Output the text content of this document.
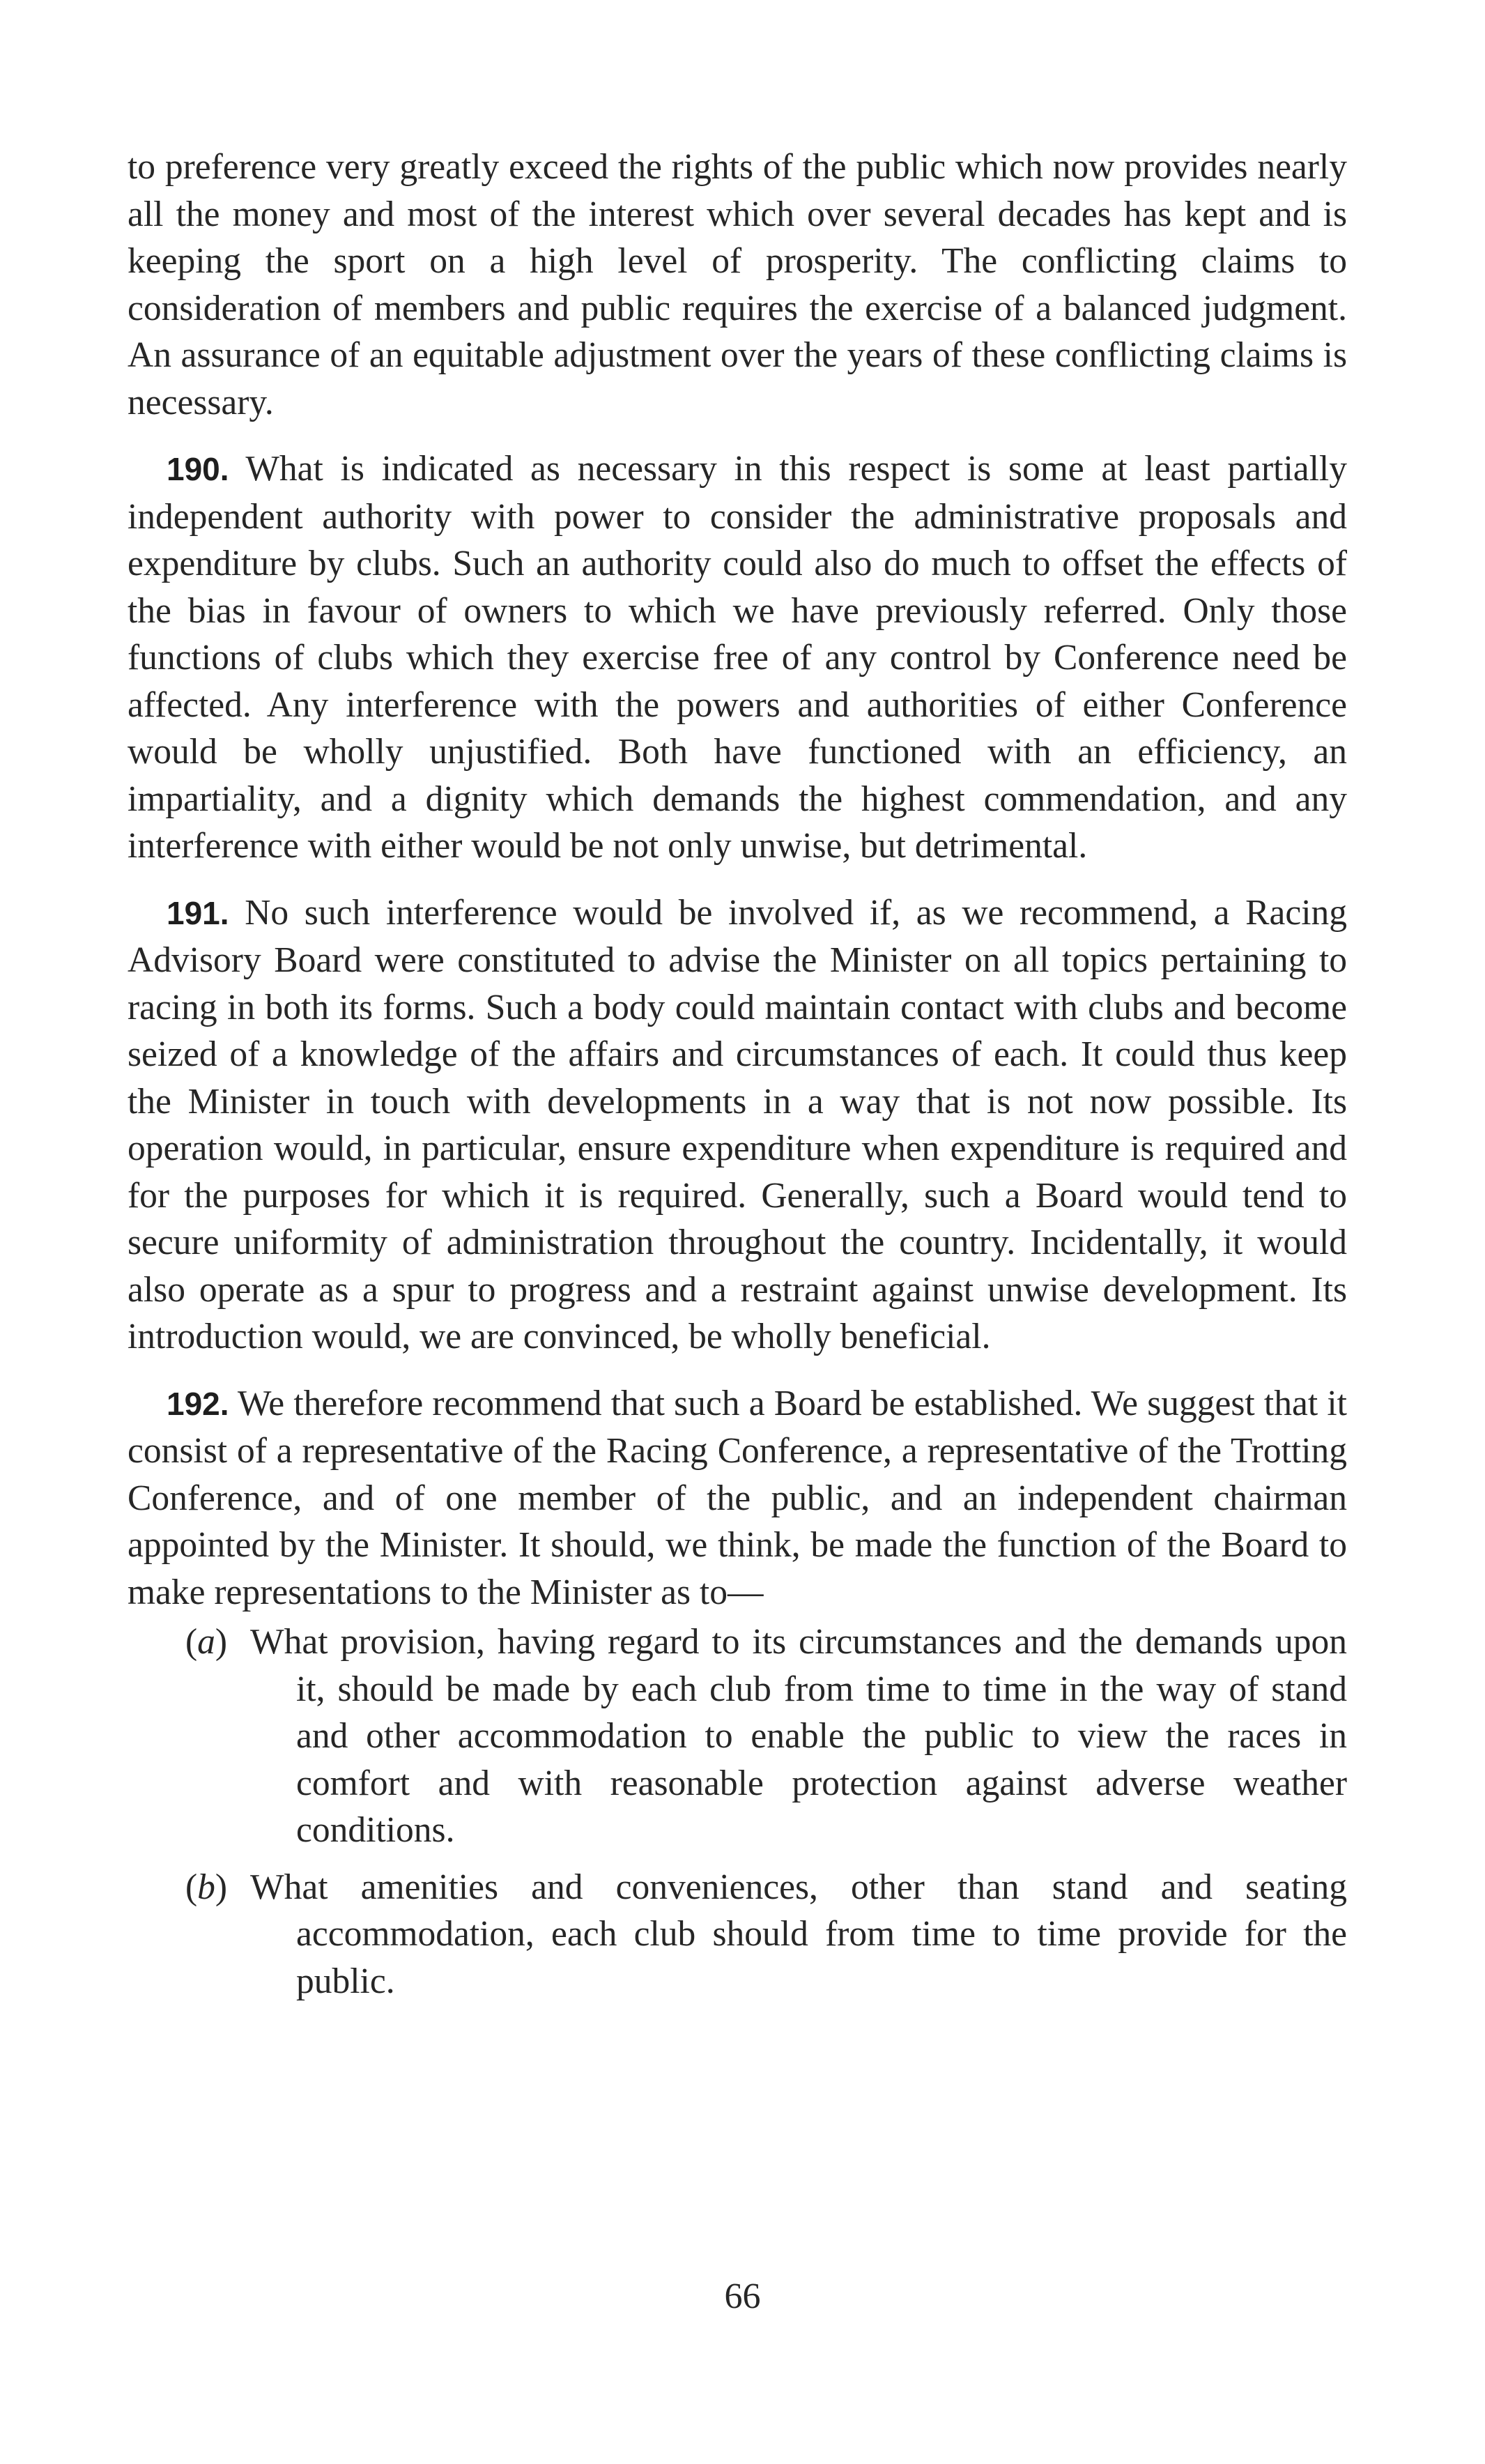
to preference very greatly exceed the rights of the public which now provides nearly all the money and most of the interest which over several decades has kept and is keeping the sport on a high level of prosperity. The conflicting claims to consideration of members and public requires the exercise of a balanced judgment. An assurance of an equitable adjustment over the years of these conflicting claims is necessary.

190. What is indicated as necessary in this respect is some at least partially independent authority with power to consider the administrative proposals and expenditure by clubs. Such an authority could also do much to offset the effects of the bias in favour of owners to which we have previously referred. Only those functions of clubs which they exercise free of any control by Conference need be affected. Any interference with the powers and authorities of either Conference would be wholly unjustified. Both have functioned with an efficiency, an impartiality, and a dignity which demands the highest commendation, and any interference with either would be not only unwise, but detrimental.

191. No such interference would be involved if, as we recommend, a Racing Advisory Board were constituted to advise the Minister on all topics pertaining to racing in both its forms. Such a body could maintain contact with clubs and become seized of a knowledge of the affairs and circumstances of each. It could thus keep the Minister in touch with developments in a way that is not now possible. Its operation would, in particular, ensure expenditure when expenditure is required and for the purposes for which it is required. Generally, such a Board would tend to secure uniformity of administration throughout the country. Incidentally, it would also operate as a spur to progress and a restraint against unwise development. Its introduction would, we are convinced, be wholly beneficial.

192. We therefore recommend that such a Board be established. We suggest that it consist of a representative of the Racing Conference, a representative of the Trotting Conference, and of one member of the public, and an independent chairman appointed by the Minister. It should, we think, be made the function of the Board to make representations to the Minister as to—

(a) What provision, having regard to its circumstances and the demands upon it, should be made by each club from time to time in the way of stand and other accommodation to enable the public to view the races in comfort and with reasonable protection against adverse weather conditions.

(b) What amenities and conveniences, other than stand and seating accommodation, each club should from time to time provide for the public.

66
